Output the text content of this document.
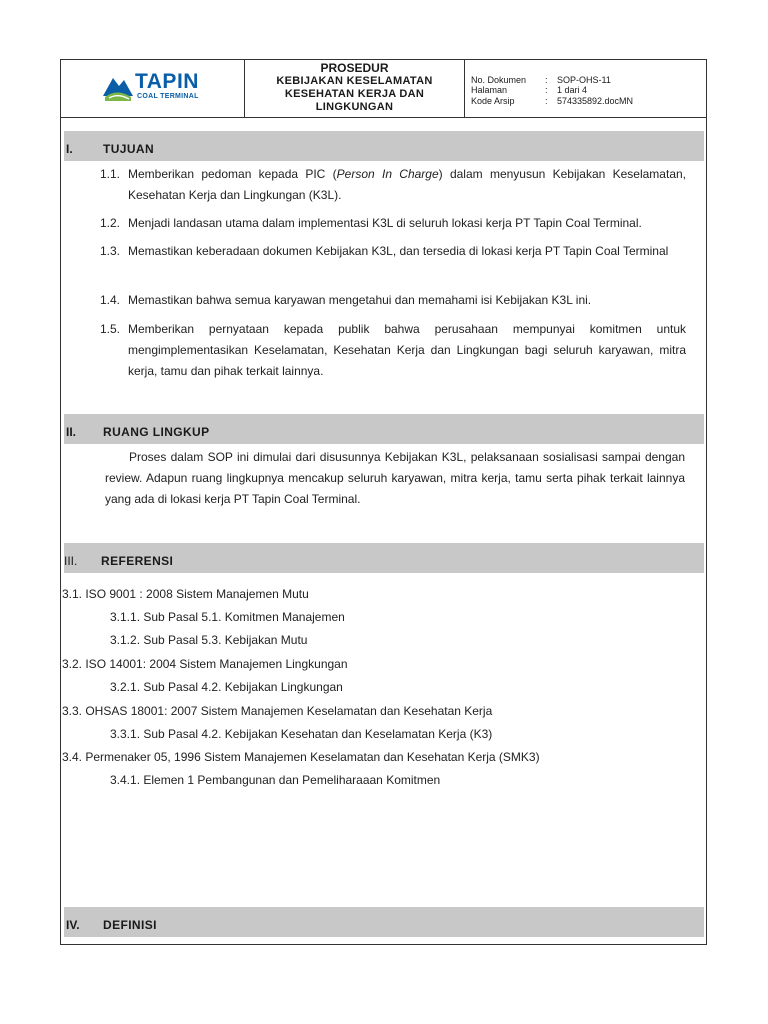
TAPIN
COAL TERMINAL
PROSEDUR
KEBIJAKAN KESELAMATAN
KESEHATAN KERJA DAN
LINGKUNGAN
No. Dokumen : SOP-OHS-11
Halaman	: 1 dari 4
Kode Arsip	: 574335892.docMN
I.	TUJUAN
1.1. Memberikan pedoman kepada PIC (Person In Charge) dalam menyusun Kebijakan Keselamatan, Kesehatan Kerja dan Lingkungan (K3L).
1.2. Menjadi landasan utama dalam implementasi K3L di seluruh lokasi kerja PT Tapin Coal Terminal.
1.3. Memastikan keberadaan dokumen Kebijakan K3L, dan tersedia di lokasi kerja PT Tapin Coal Terminal
1.4. Memastikan bahwa semua karyawan mengetahui dan memahami isi Kebijakan K3L ini.
1.5. Memberikan pernyataan kepada publik bahwa perusahaan mempunyai komitmen untuk mengimplementasikan Keselamatan, Kesehatan Kerja dan Lingkungan bagi seluruh karyawan, mitra kerja, tamu dan pihak terkait lainnya.
II. RUANG LINGKUP
Proses dalam SOP ini dimulai dari disusunnya Kebijakan K3L, pelaksanaan sosialisasi sampai dengan review. Adapun ruang lingkupnya mencakup seluruh karyawan, mitra kerja, tamu serta pihak terkait lainnya yang ada di lokasi kerja PT Tapin Coal Terminal.
III. REFERENSI
3.1. ISO 9001 : 2008 Sistem Manajemen Mutu
3.1.1. Sub Pasal 5.1. Komitmen Manajemen
3.1.2. Sub Pasal 5.3. Kebijakan Mutu
3.2. ISO 14001: 2004 Sistem Manajemen Lingkungan
3.2.1. Sub Pasal 4.2. Kebijakan Lingkungan
3.3. OHSAS 18001: 2007 Sistem Manajemen Keselamatan dan Kesehatan Kerja
3.3.1. Sub Pasal 4.2. Kebijakan Kesehatan dan Keselamatan Kerja (K3)
3.4. Permenaker 05, 1996 Sistem Manajemen Keselamatan dan Kesehatan Kerja (SMK3)
3.4.1. Elemen 1 Pembangunan dan Pemeliharaaan Komitmen
IV. DEFINISI
